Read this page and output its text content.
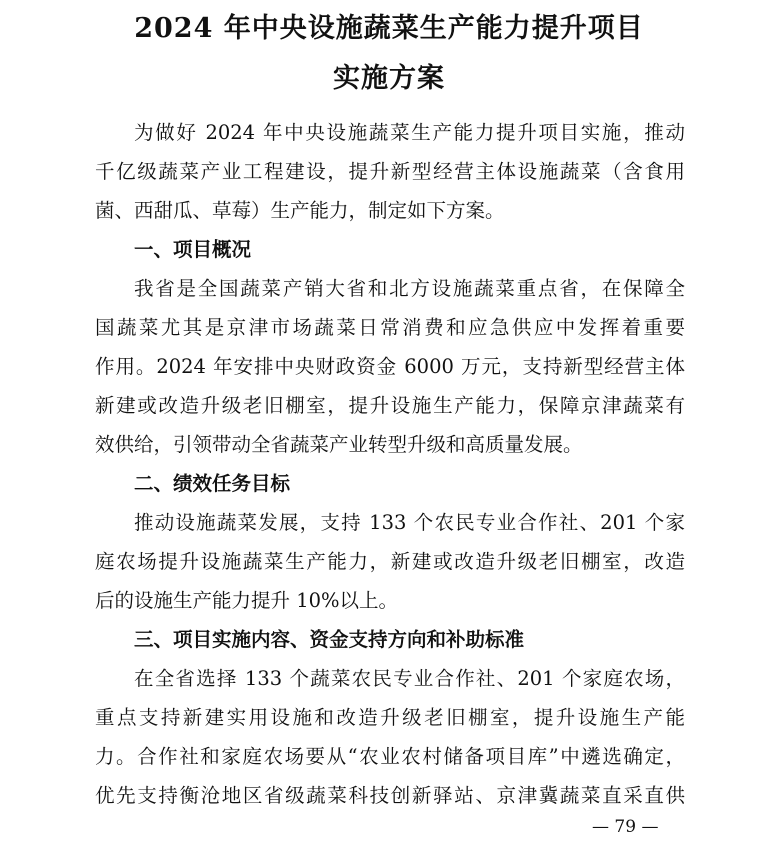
2024 年中央设施蔬菜生产能力提升项目
实施方案
为做好 2024 年中央设施蔬菜生产能力提升项目实施，推动
千亿级蔬菜产业工程建设，提升新型经营主体设施蔬菜（含食用
菌、西甜瓜、草莓）生产能力，制定如下方案。
一、项目概况
我省是全国蔬菜产销大省和北方设施蔬菜重点省，在保障全
国蔬菜尤其是京津市场蔬菜日常消费和应急供应中发挥着重要
作用。2024 年安排中央财政资金 6000 万元，支持新型经营主体
新建或改造升级老旧棚室，提升设施生产能力，保障京津蔬菜有
效供给，引领带动全省蔬菜产业转型升级和高质量发展。
二、绩效任务目标
推动设施蔬菜发展，支持 133 个农民专业合作社、201 个家
庭农场提升设施蔬菜生产能力，新建或改造升级老旧棚室，改造
后的设施生产能力提升 10%以上。
三、项目实施内容、资金支持方向和补助标准
在全省选择 133 个蔬菜农民专业合作社、201 个家庭农场，
重点支持新建实用设施和改造升级老旧棚室，提升设施生产能
力。合作社和家庭农场要从“农业农村储备项目库”中遴选确定，
优先支持衡沧地区省级蔬菜科技创新驿站、京津冀蔬菜直采直供
— 79 —
